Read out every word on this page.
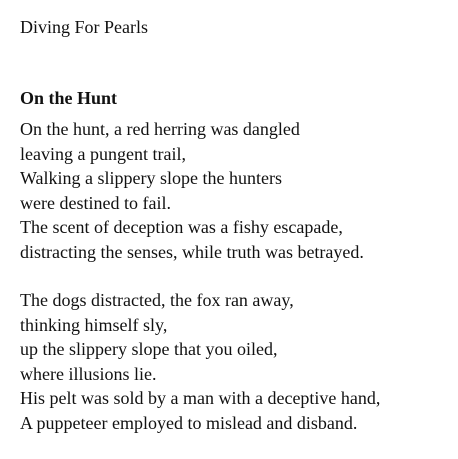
Diving For Pearls
On the Hunt
On the hunt, a red herring was dangled
leaving a pungent trail,
Walking a slippery slope the hunters
were destined to fail.
The scent of deception was a fishy escapade,
distracting the senses, while truth was betrayed.
The dogs distracted, the fox ran away,
thinking himself sly,
up the slippery slope that you oiled,
where illusions lie.
His pelt was sold by a man with a deceptive hand,
A puppeteer employed to mislead and disband.
